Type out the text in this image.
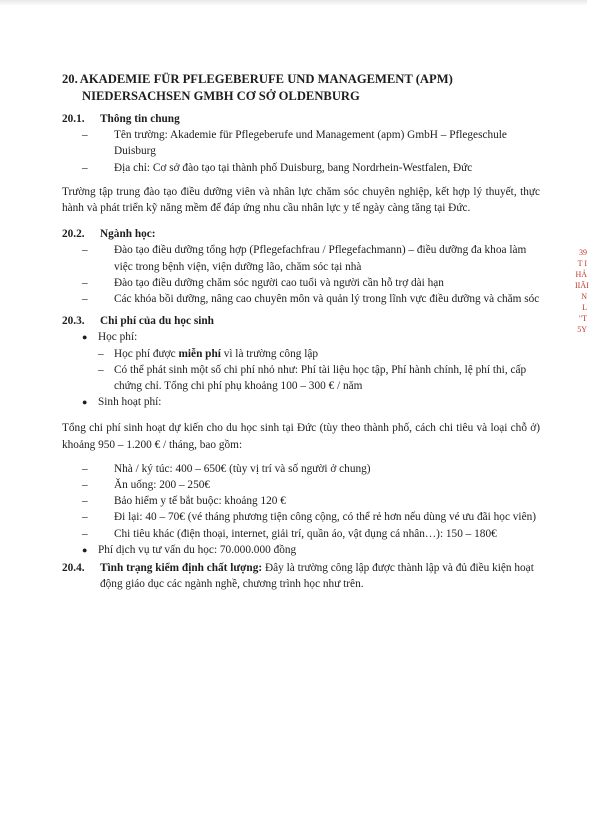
39
T I
HẢ
IIÃI
N L
"T
5Y
20. AKADEMIE FÜR PFLEGEBERUFE UND MANAGEMENT (APM)
NIEDERSACHSEN GMBH CƠ SỞ OLDENBURG
20.1.	Thông tin chung
–	Tên trường: Akademie für Pflegeberufe und Management (apm) GmbH – Pflegeschule Duisburg
–	Địa chỉ: Cơ sở đào tạo tại thành phố Duisburg, bang Nordrhein-Westfalen, Đức
Trường tập trung đào tạo điều dưỡng viên và nhân lực chăm sóc chuyên nghiệp, kết hợp lý thuyết, thực hành và phát triển kỹ năng mềm để đáp ứng nhu cầu nhân lực y tế ngày càng tăng tại Đức.
20.2.	Ngành học:
–	Đào tạo điều dưỡng tổng hợp (Pflegefachfrau / Pflegefachmann) – điều dưỡng đa khoa làm việc trong bệnh viện, viện dưỡng lão, chăm sóc tại nhà
–	Đào tạo điều dưỡng chăm sóc người cao tuổi và người cần hỗ trợ dài hạn
–	Các khóa bồi dưỡng, nâng cao chuyên môn và quản lý trong lĩnh vực điều dưỡng và chăm sóc
20.3.	Chi phí của du học sinh
● Học phí:
– Học phí được miễn phí vì là trường công lập
– Có thể phát sinh một số chi phí nhỏ như: Phí tài liệu học tập, Phí hành chính, lệ phí thi, cấp chứng chỉ. Tổng chi phí phụ khoảng 100 – 300 € / năm
● Sinh hoạt phí:
Tổng chi phí sinh hoạt dự kiến cho du học sinh tại Đức (tùy theo thành phố, cách chi tiêu và loại chỗ ở) khoảng 950 – 1.200 € / tháng, bao gồm:
–	Nhà / ký túc: 400 – 650€ (tùy vị trí và số người ở chung)
–	Ăn uống: 200 – 250€
–	Bảo hiểm y tế bắt buộc: khoảng 120 €
–	Đi lại: 40 – 70€ (vé tháng phương tiện công cộng, có thể rẻ hơn nếu dùng vé ưu đãi học viên)
–	Chi tiêu khác (điện thoại, internet, giải trí, quần áo, vật dụng cá nhân…): 150 – 180€
● Phí dịch vụ tư vấn du học: 70.000.000 đồng
20.4.	Tình trạng kiểm định chất lượng: Đây là trường công lập được thành lập và đủ điều kiện hoạt động giáo dục các ngành nghề, chương trình học như trên.
